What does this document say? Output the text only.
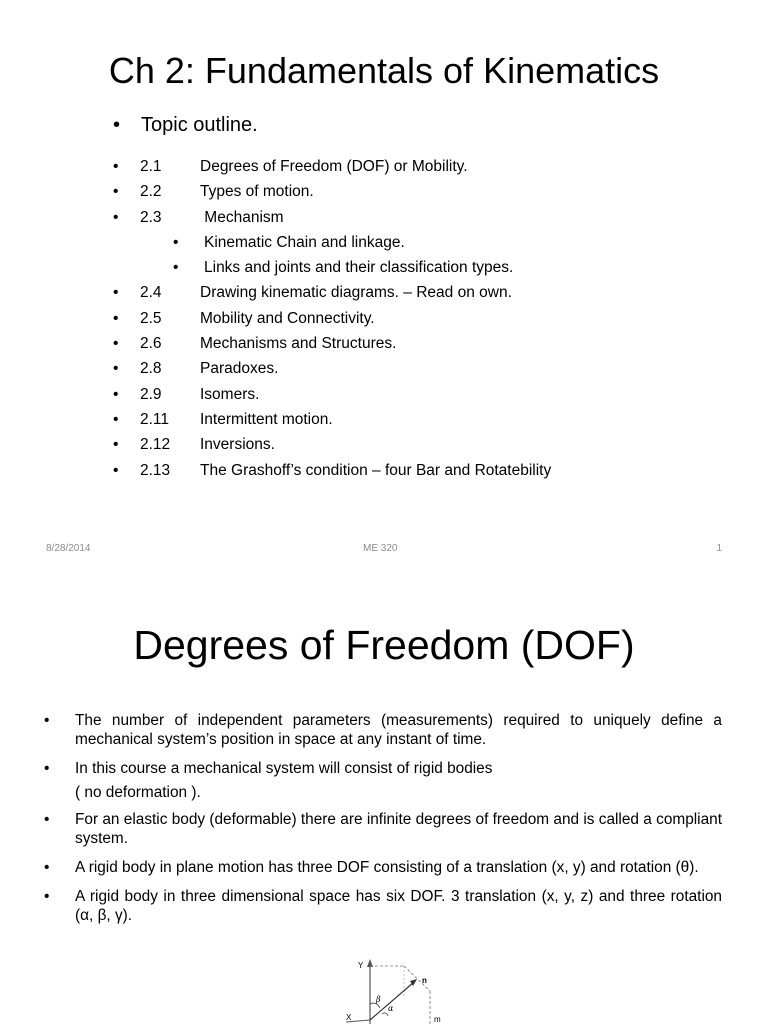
Ch 2: Fundamentals of Kinematics
• Topic outline.
• 2.1 Degrees of Freedom (DOF) or Mobility.
• 2.2 Types of motion.
• 2.3 Mechanism
• Kinematic Chain and linkage.
• Links and joints and their classification types.
• 2.4 Drawing kinematic diagrams. – Read on own.
• 2.5 Mobility and Connectivity.
• 2.6 Mechanisms and Structures.
• 2.8 Paradoxes.
• 2.9 Isomers.
• 2.11 Intermittent motion.
• 2.12 Inversions.
• 2.13 The Grashoff’s condition – four Bar and Rotatebility
8/28/2014	ME 320	1
Degrees of Freedom (DOF)
• The number of independent parameters (measurements) required to uniquely define a mechanical system’s position in space at any instant of time.
• In this course a mechanical system will consist of rigid bodies
( no deformation ).
• For an elastic body (deformable) there are infinite degrees of freedom and is called a compliant system.
• A rigid body in plane motion has three DOF consisting of a translation (x, y) and rotation (θ).
• A rigid body in three dimensional space has six DOF. 3 translation (x, y, z) and three rotation (α, β, γ).
Y
X
n
β
α
m
